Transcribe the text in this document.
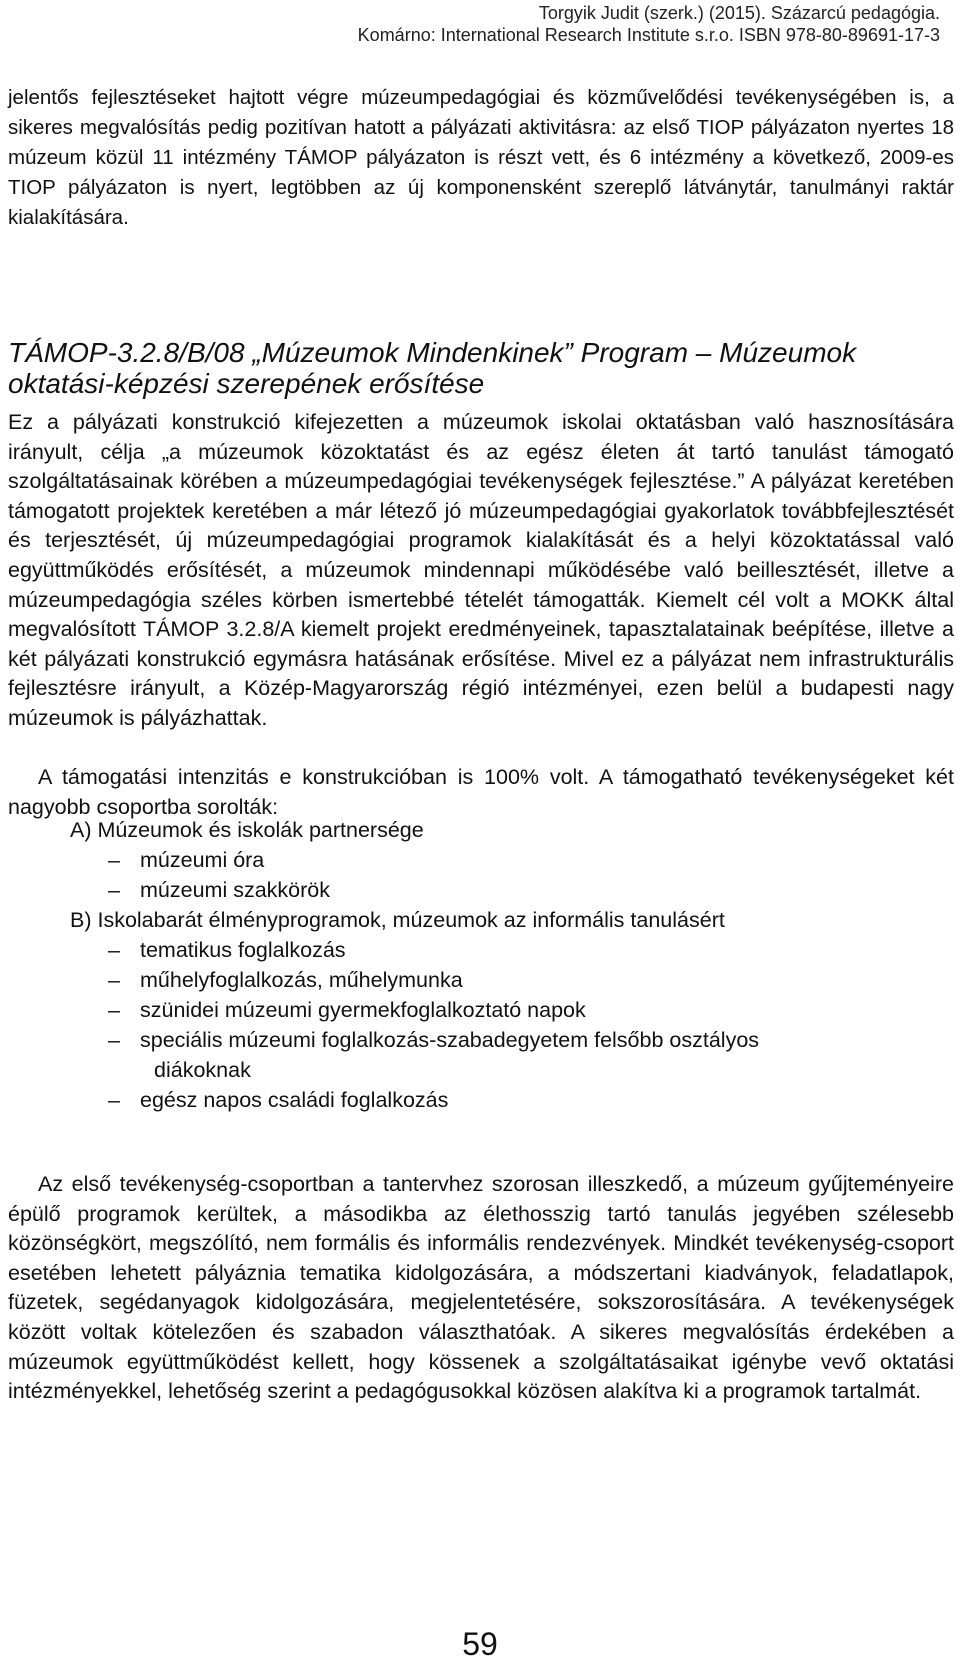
Torgyik Judit (szerk.) (2015). Százarcú pedagógia.
Komárno: International Research Institute s.r.o. ISBN 978-80-89691-17-3

jelentős fejlesztéseket hajtott végre múzeumpedagógiai és közművelődési tevékenységében is, a sikeres megvalósítás pedig pozitívan hatott a pályázati aktivitásra: az első TIOP pályázaton nyertes 18 múzeum közül 11 intézmény TÁMOP pályázaton is részt vett, és 6 intézmény a következő, 2009-es TIOP pályázaton is nyert, legtöbben az új komponensként szereplő látványtár, tanulmányi raktár kialakítására.

TÁMOP-3.2.8/B/08 „Múzeumok Mindenkinek” Program – Múzeumok
oktatási-képzési szerepének erősítése

Ez a pályázati konstrukció kifejezetten a múzeumok iskolai oktatásban való hasznosítására irányult, célja „a múzeumok közoktatást és az egész életen át tartó tanulást támogató szolgáltatásainak körében a múzeumpedagógiai tevékenységek fejlesztése.” A pályázat keretében támogatott projektek keretében a már létező jó múzeumpedagógiai gyakorlatok továbbfejlesztését és terjesztését, új múzeumpedagógiai programok kialakítását és a helyi közoktatással való együttműködés erősítését, a múzeumok mindennapi működésébe való beillesztését, illetve a múzeumpedagógia széles körben ismertebbé tételét támogatták. Kiemelt cél volt a MOKK által megvalósított TÁMOP 3.2.8/A kiemelt projekt eredményeinek, tapasztalatainak beépítése, illetve a két pályázati konstrukció egymásra hatásának erősítése. Mivel ez a pályázat nem infrastrukturális fejlesztésre irányult, a Közép-Magyarország régió intézményei, ezen belül a budapesti nagy múzeumok is pályázhattak.

A támogatási intenzitás e konstrukcióban is 100% volt. A támogatható tevékenységeket két nagyobb csoportba sorolták:

A) Múzeumok és iskolák partnersége
– múzeumi óra
– múzeumi szakkörök
B) Iskolabarát élményprogramok, múzeumok az informális tanulásért
– tematikus foglalkozás
– műhelyfoglalkozás, műhelymunka
– szünidei múzeumi gyermekfoglalkoztató napok
– speciális múzeumi foglalkozás-szabadegyetem felsőbb osztályos
diákoknak
– egész napos családi foglalkozás

Az első tevékenység-csoportban a tantervhez szorosan illeszkedő, a múzeum gyűjteményeire épülő programok kerültek, a másodikba az élethosszig tartó tanulás jegyében szélesebb közönségkört, megszólító, nem formális és informális rendezvények. Mindkét tevékenység-csoport esetében lehetett pályáznia tematika kidolgozására, a módszertani kiadványok, feladatlapok, füzetek, segédanyagok kidolgozására, megjelentetésére, sokszorosítására. A tevékenységek között voltak kötelezően és szabadon választhatóak. A sikeres megvalósítás érdekében a múzeumok együttműködést kellett, hogy kössenek a szolgáltatásaikat igénybe vevő oktatási intézményekkel, lehetőség szerint a pedagógusokkal közösen alakítva ki a programok tartalmát.

59
